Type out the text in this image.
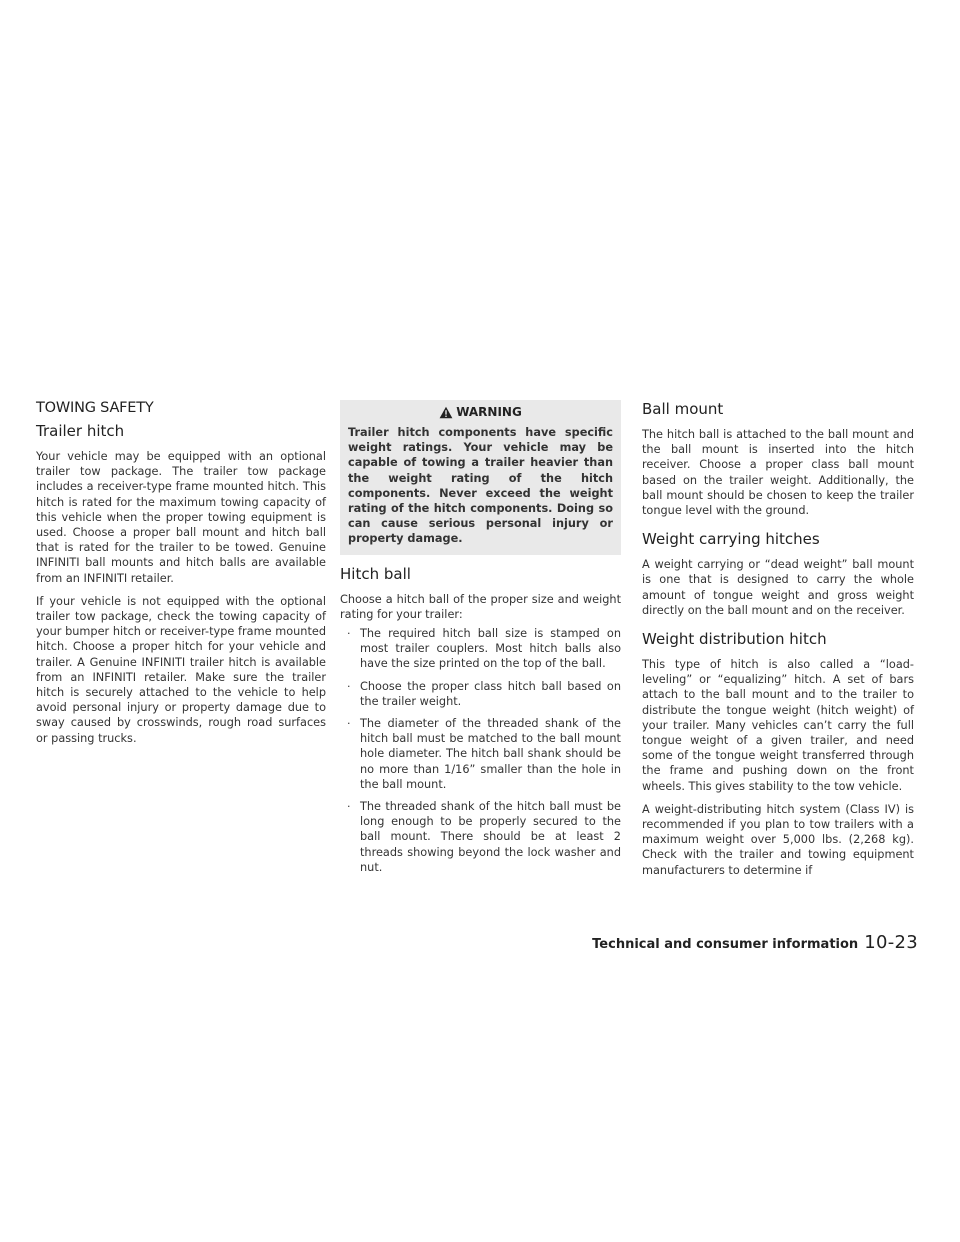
TOWING SAFETY
Trailer hitch

Your vehicle may be equipped with an optional trailer tow package. The trailer tow package includes a receiver-type frame mounted hitch. This hitch is rated for the maximum towing capacity of this vehicle when the proper towing equipment is used. Choose a proper ball mount and hitch ball that is rated for the trailer to be towed. Genuine INFINITI ball mounts and hitch balls are available from an INFINITI retailer.

If your vehicle is not equipped with the optional trailer tow package, check the towing capacity of your bumper hitch or receiver-type frame mounted hitch. Choose a proper hitch for your vehicle and trailer. A Genuine INFINITI trailer hitch is available from an INFINITI retailer. Make sure the trailer hitch is securely attached to the vehicle to help avoid personal injury or property damage due to sway caused by crosswinds, rough road surfaces or passing trucks.

WARNING
Trailer hitch components have specific weight ratings. Your vehicle may be capable of towing a trailer heavier than the weight rating of the hitch components. Never exceed the weight rating of the hitch components. Doing so can cause serious personal injury or property damage.
Hitch ball

Choose a hitch ball of the proper size and weight rating for your trailer:

· The required hitch ball size is stamped on most trailer couplers. Most hitch balls also have the size printed on the top of the ball.
· Choose the proper class hitch ball based on the trailer weight.
· The diameter of the threaded shank of the hitch ball must be matched to the ball mount hole diameter. The hitch ball shank should be no more than 1/16” smaller than the hole in the ball mount.
· The threaded shank of the hitch ball must be long enough to be properly secured to the ball mount. There should be at least 2 threads showing beyond the lock washer and nut.
Ball mount

The hitch ball is attached to the ball mount and the ball mount is inserted into the hitch receiver. Choose a proper class ball mount based on the trailer weight. Additionally, the ball mount should be chosen to keep the trailer tongue level with the ground.

Weight carrying hitches

A weight carrying or “dead weight” ball mount is one that is designed to carry the whole amount of tongue weight and gross weight directly on the ball mount and on the receiver.

Weight distribution hitch

This type of hitch is also called a “load-leveling” or “equalizing” hitch. A set of bars attach to the ball mount and to the trailer to distribute the tongue weight (hitch weight) of your trailer. Many vehicles can’t carry the full tongue weight of a given trailer, and need some of the tongue weight transferred through the frame and pushing down on the front wheels. This gives stability to the tow vehicle.

A weight-distributing hitch system (Class IV) is recommended if you plan to tow trailers with a maximum weight over 5,000 lbs. (2,268 kg). Check with the trailer and towing equipment manufacturers to determine if

Technical and consumer information 10-23
